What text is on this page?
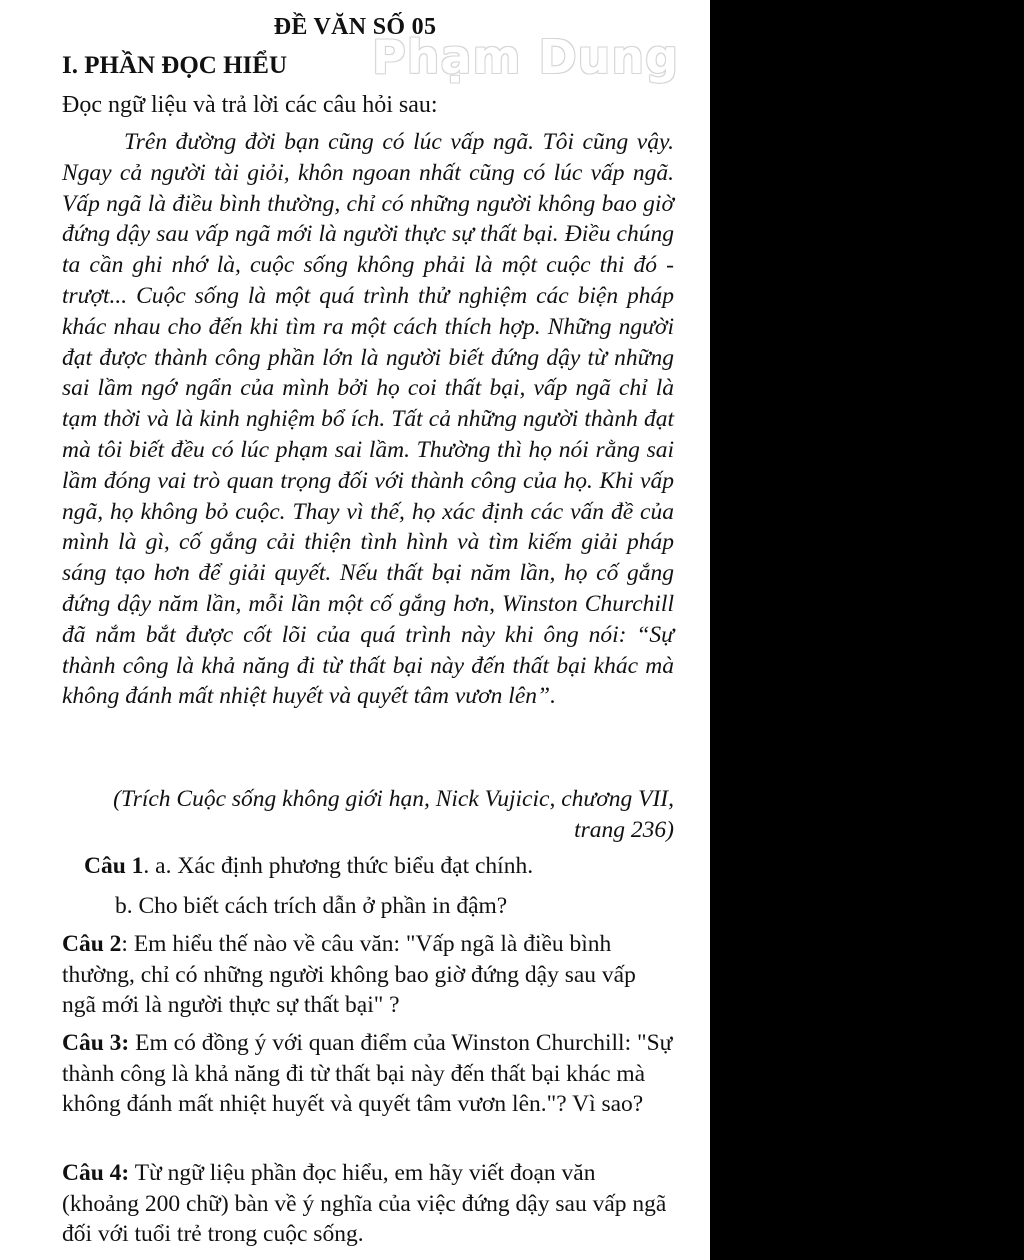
ĐỀ VĂN SỐ 05
I. PHẦN ĐỌC HIỂU Phạm Dung
Đọc ngữ liệu và trả lời các câu hỏi sau:

Trên đường đời bạn cũng có lúc vấp ngã. Tôi cũng vậy. Ngay cả người tài giỏi, khôn ngoan nhất cũng có lúc vấp ngã. Vấp ngã là điều bình thường, chỉ có những người không bao giờ đứng dậy sau vấp ngã mới là người thực sự thất bại. Điều chúng ta cần ghi nhớ là, cuộc sống không phải là một cuộc thi đó - trượt... Cuộc sống là một quá trình thử nghiệm các biện pháp khác nhau cho đến khi tìm ra một cách thích hợp. Những người đạt được thành công phần lớn là người biết đứng dậy từ những sai lầm ngớ ngẩn của mình bởi họ coi thất bại, vấp ngã chỉ là tạm thời và là kinh nghiệm bổ ích. Tất cả những người thành đạt mà tôi biết đều có lúc phạm sai lầm. Thường thì họ nói rằng sai lầm đóng vai trò quan trọng đối với thành công của họ. Khi vấp ngã, họ không bỏ cuộc. Thay vì thế, họ xác định các vấn đề của mình là gì, cố gắng cải thiện tình hình và tìm kiếm giải pháp sáng tạo hơn để giải quyết. Nếu thất bại năm lần, họ cố gắng đứng dậy năm lần, mỗi lần một cố gắng hơn, Winston Churchill đã nắm bắt được cốt lõi của quá trình này khi ông nói: “Sự thành công là khả năng đi từ thất bại này đến thất bại khác mà không đánh mất nhiệt huyết và quyết tâm vươn lên”.

(Trích Cuộc sống không giới hạn, Nick Vujicic, chương VII, trang 236)

Câu 1. a. Xác định phương thức biểu đạt chính.

b. Cho biết cách trích dẫn ở phần in đậm?

Câu 2: Em hiểu thế nào về câu văn: "Vấp ngã là điều bình thường, chỉ có những người không bao giờ đứng dậy sau vấp ngã mới là người thực sự thất bại" ?

Câu 3: Em có đồng ý với quan điểm của Winston Churchill: "Sự thành công là khả năng đi từ thất bại này đến thất bại khác mà không đánh mất nhiệt huyết và quyết tâm vươn lên."? Vì sao?

Câu 4: Từ ngữ liệu phần đọc hiểu, em hãy viết đoạn văn (khoảng 200 chữ) bàn về ý nghĩa của việc đứng dậy sau vấp ngã đối với tuổi trẻ trong cuộc sống.
